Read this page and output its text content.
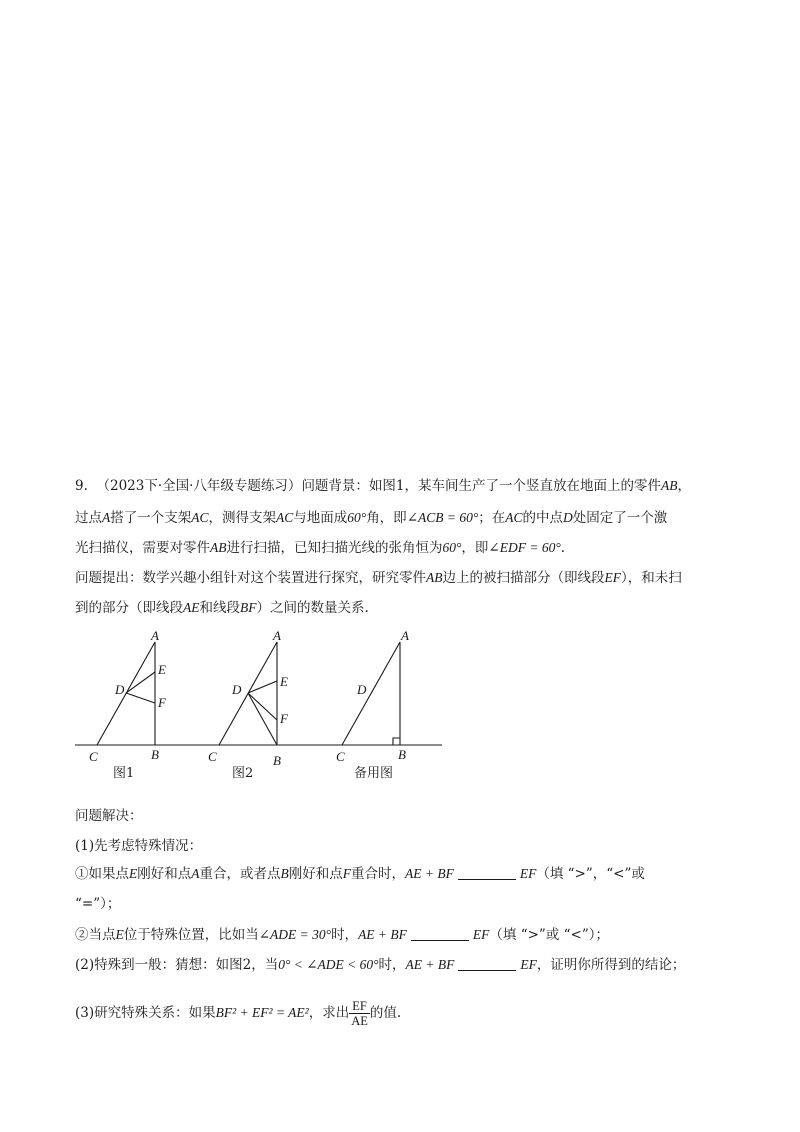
9. （2023下·全国·八年级专题练习）问题背景：如图1，某车间生产了一个竖直放在地面上的零件AB，
过点A搭了一个支架AC，测得支架AC与地面成60°角，即∠ACB = 60°；在AC的中点D处固定了一个激
光扫描仪，需要对零件AB进行扫描，已知扫描光线的张角恒为60°，即∠EDF = 60°.
问题提出：数学兴趣小组针对这个装置进行探究，研究零件AB边上的被扫描部分（即线段EF），和未扫
到的部分（即线段AE和线段BF）之间的数量关系.
A
E
D
F
C	B
图1
A
E
D
F
C	B
图2
A
D
C	B
备用图
问题解决：
(1)先考虑特殊情况：
①如果点E刚好和点A重合，或者点B刚好和点F重合时，AE + BF	EF（填 “>”，“<”或
“=”）；
②当点E位于特殊位置，比如当∠ADE = 30°时，AE + BF	EF（填 “>”或 “<”）；
(2)特殊到一般：猜想：如图2，当0° < ∠ADE < 60°时，AE + BF	EF，证明你所得到的结论；
(3)研究特殊关系：如果BF² + EF² = AE²，求出 $\frac{EF}{AE}$ 的值.
